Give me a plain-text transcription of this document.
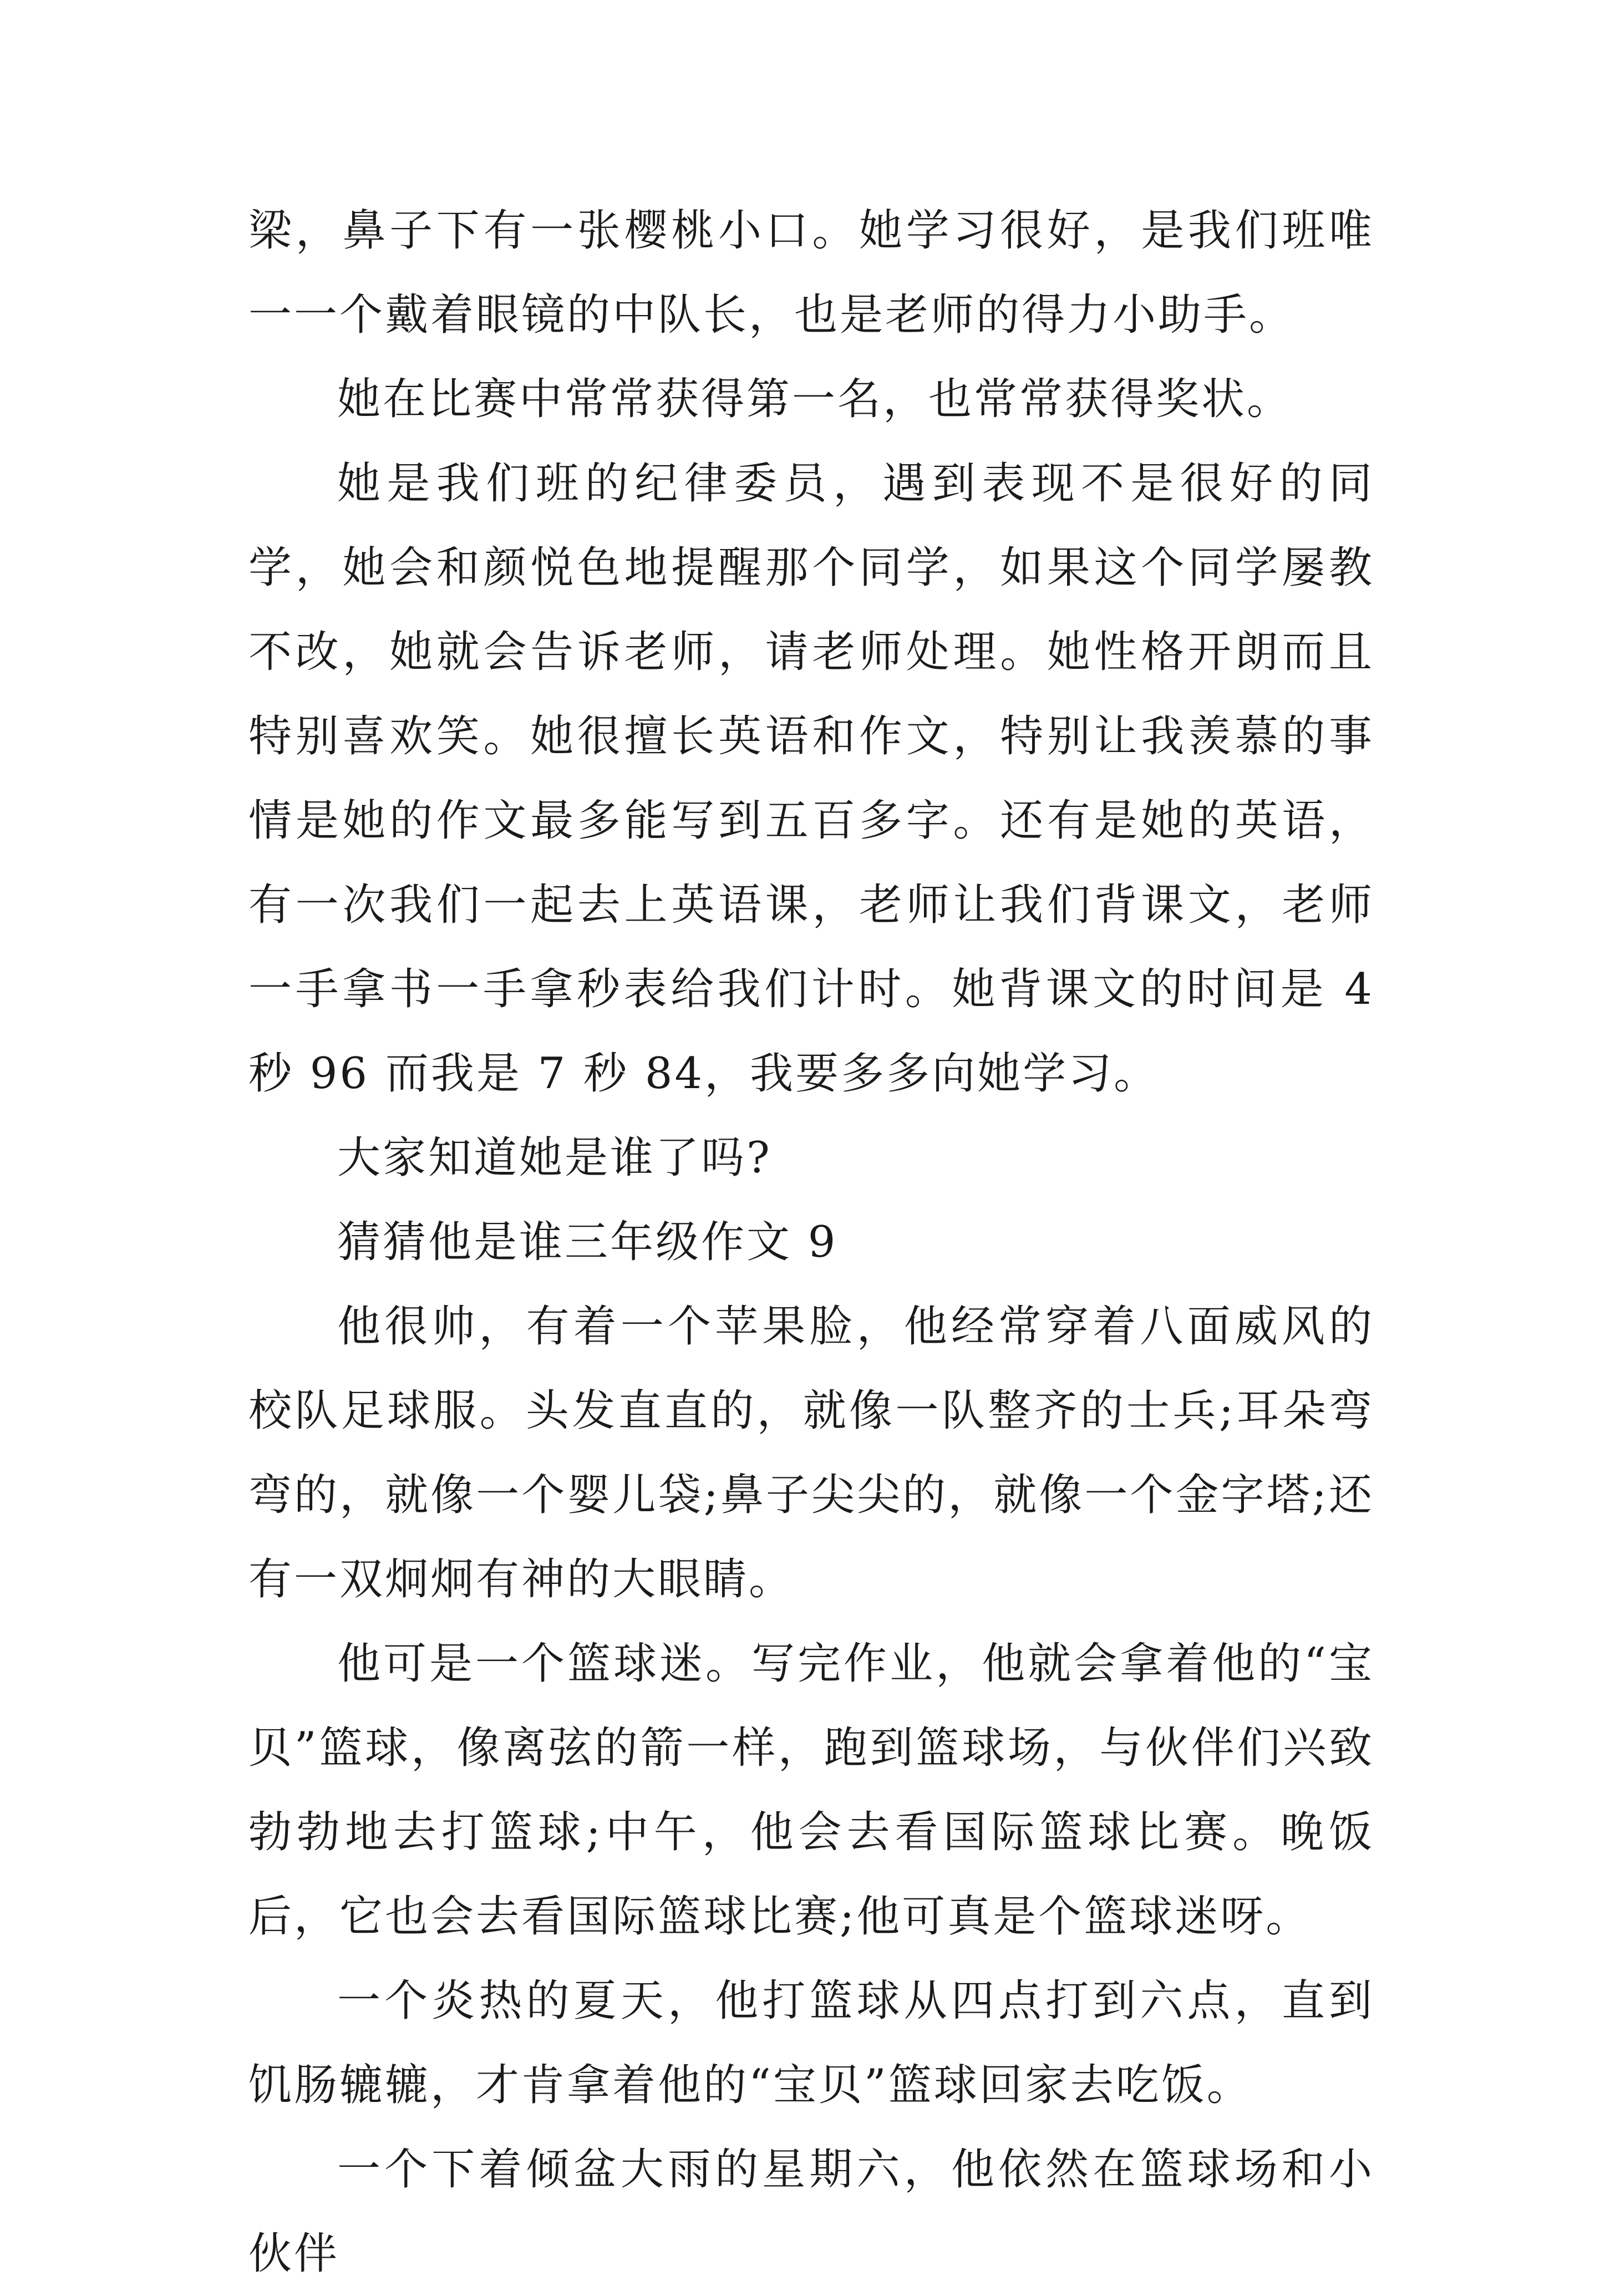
梁，鼻子下有一张樱桃小口。她学习很好，是我们班唯一一个戴着眼镜的中队长，也是老师的得力小助手。

她在比赛中常常获得第一名，也常常获得奖状。

她是我们班的纪律委员，遇到表现不是很好的同学，她会和颜悦色地提醒那个同学，如果这个同学屡教不改，她就会告诉老师，请老师处理。她性格开朗而且特别喜欢笑。她很擅长英语和作文，特别让我羡慕的事情是她的作文最多能写到五百多字。还有是她的英语，有一次我们一起去上英语课，老师让我们背课文，老师一手拿书一手拿秒表给我们计时。她背课文的时间是 4 秒 96 而我是 7 秒 84，我要多多向她学习。

大家知道她是谁了吗?

猜猜他是谁三年级作文 9

他很帅，有着一个苹果脸，他经常穿着八面威风的校队足球服。头发直直的，就像一队整齐的士兵;耳朵弯弯的，就像一个婴儿袋;鼻子尖尖的，就像一个金字塔;还有一双炯炯有神的大眼睛。

他可是一个篮球迷。写完作业，他就会拿着他的“宝贝”篮球，像离弦的箭一样，跑到篮球场，与伙伴们兴致勃勃地去打篮球;中午，他会去看国际篮球比赛。晚饭后，它也会去看国际篮球比赛;他可真是个篮球迷呀。

一个炎热的夏天，他打篮球从四点打到六点，直到饥肠辘辘，才肯拿着他的“宝贝”篮球回家去吃饭。

一个下着倾盆大雨的星期六，他依然在篮球场和小伙伴
